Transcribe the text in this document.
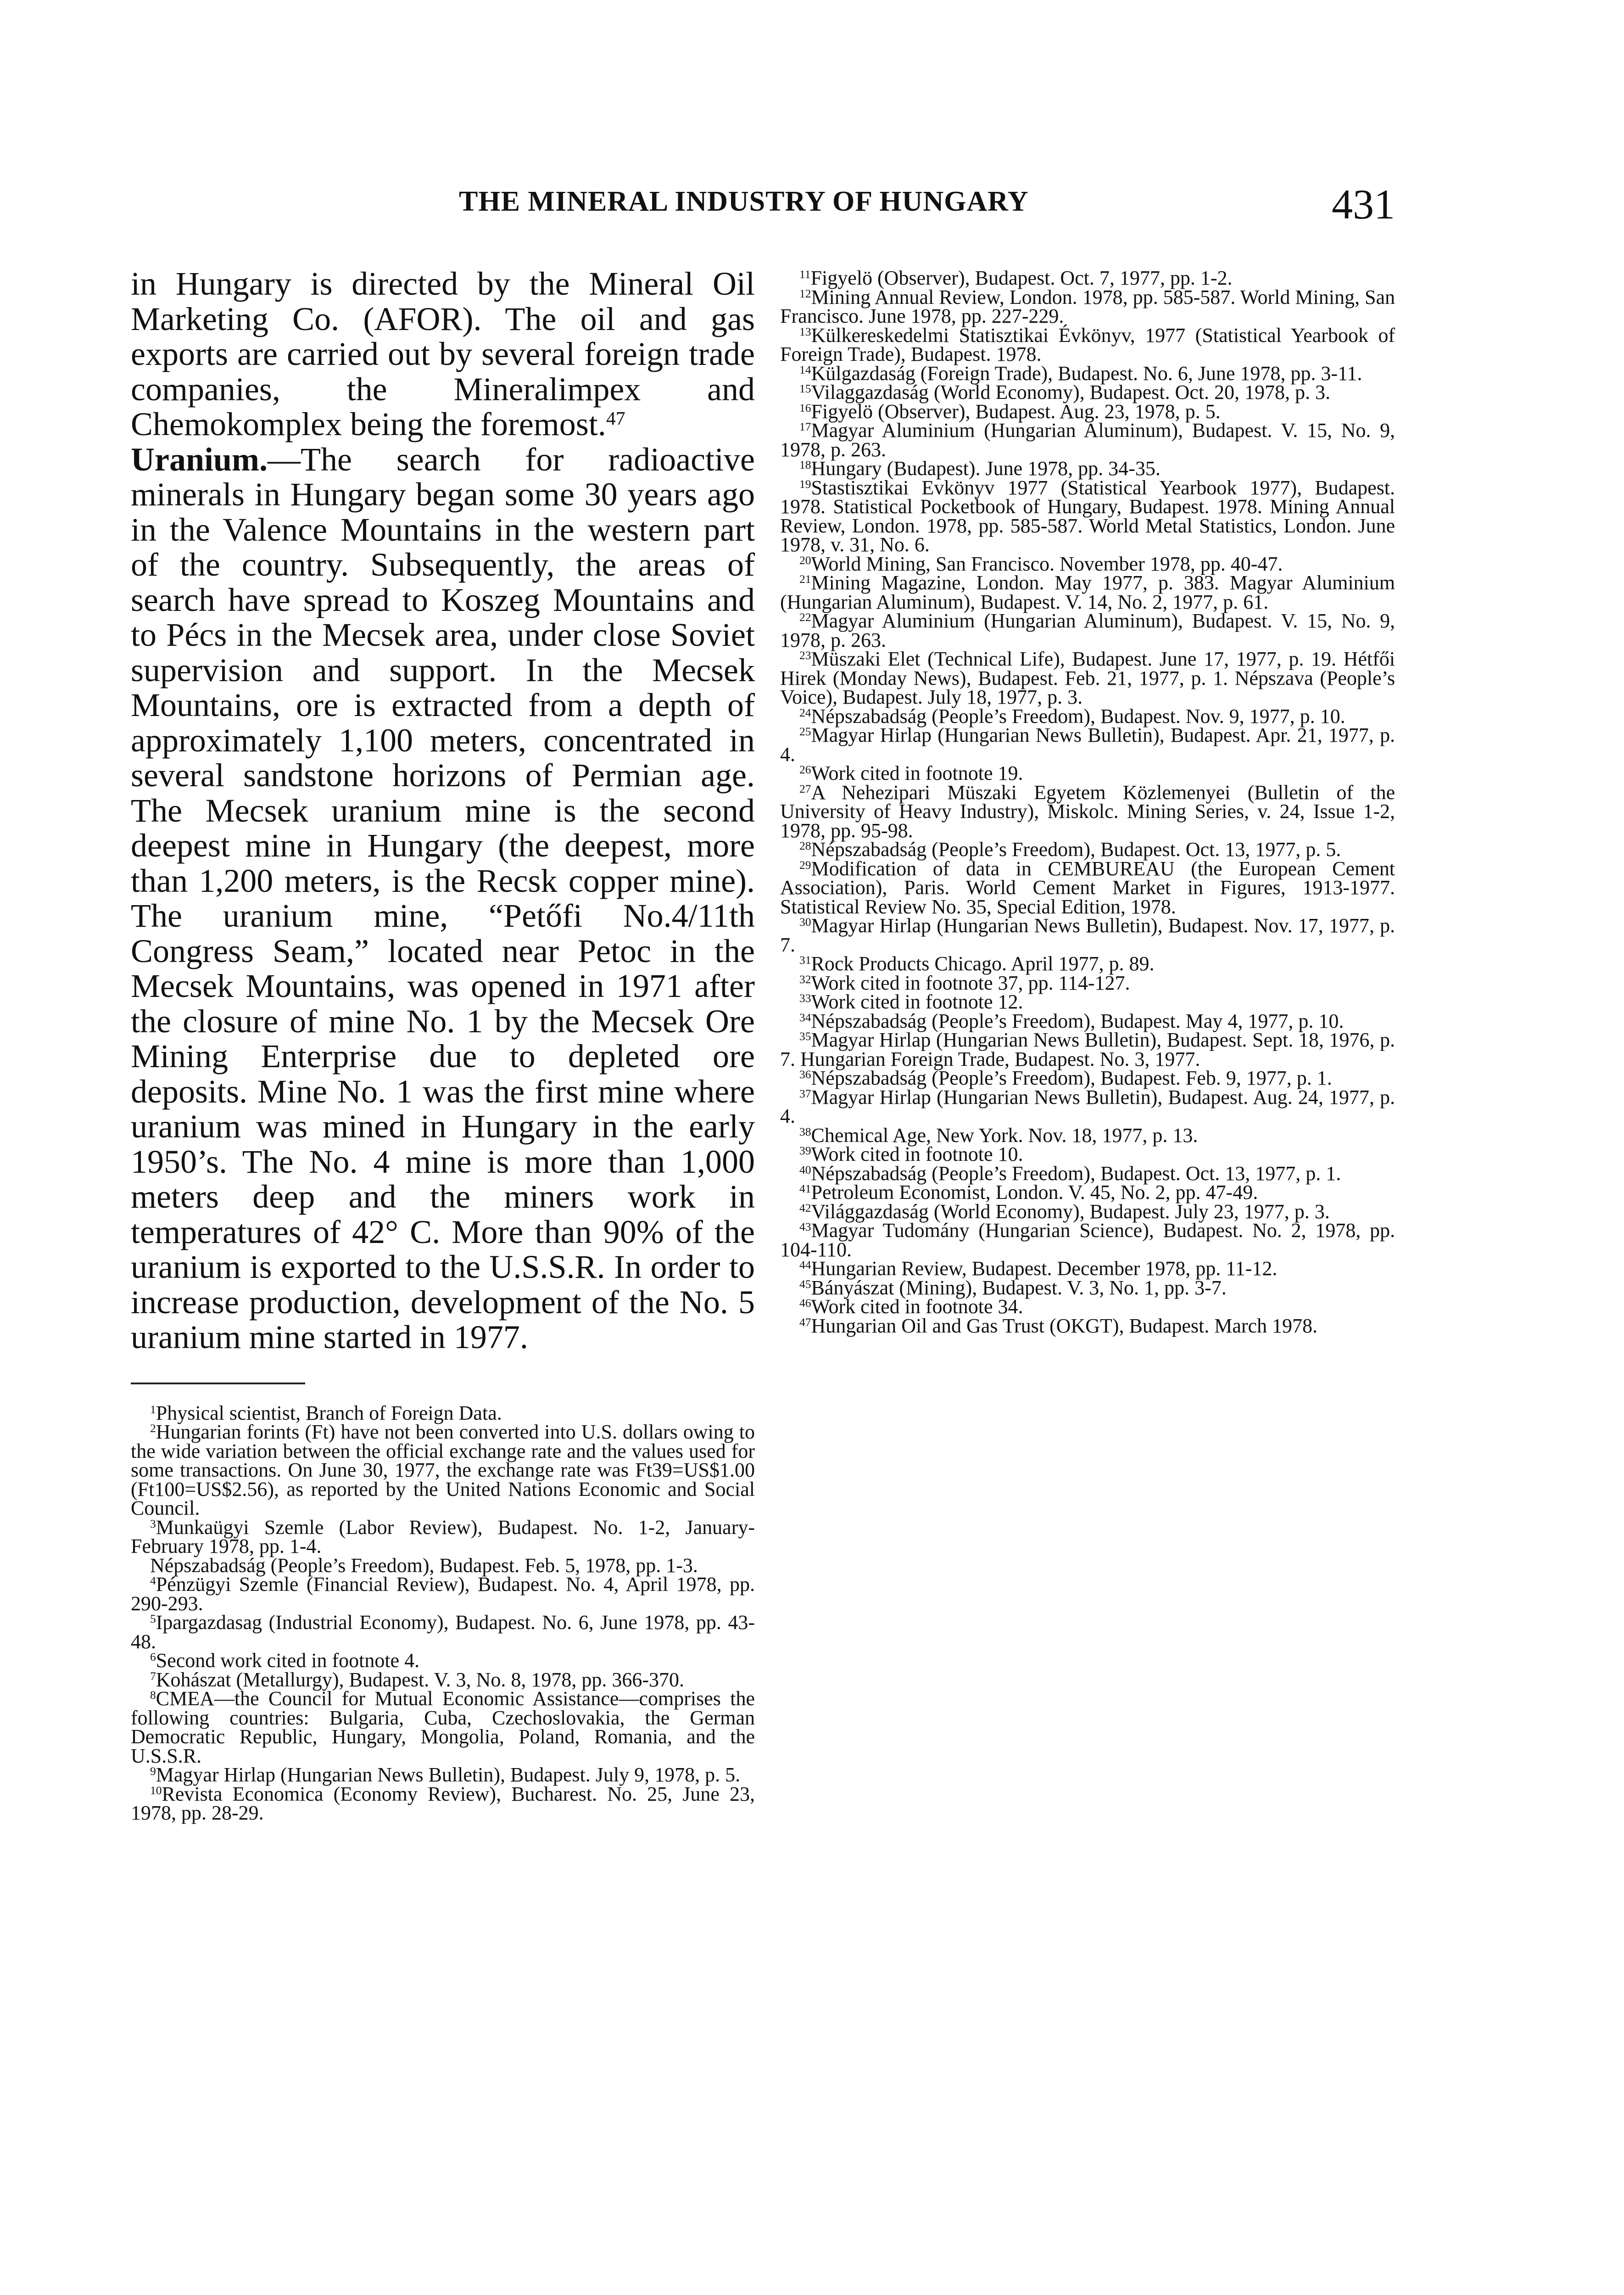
THE MINERAL INDUSTRY OF HUNGARY	431

in Hungary is directed by the Mineral Oil Marketing Co. (AFOR). The oil and gas exports are carried out by several foreign trade companies, the Mineralimpex and Chemokomplex being the foremost.$^{47}$

Uranium.—The search for radioactive minerals in Hungary began some 30 years ago in the Valence Mountains in the western part of the country. Subsequently, the areas of search have spread to Koszeg Mountains and to Pécs in the Mecsek area, under close Soviet supervision and support. In the Mecsek Mountains, ore is extracted from a depth of approximately 1,100 meters, concentrated in several sandstone horizons of Permian age. The Mecsek uranium mine is the second deepest mine in Hungary (the deepest, more than 1,200 meters, is the Recsk copper mine). The uranium mine, “Petőfi No.4/11th Congress Seam,” located near Petoc in the Mecsek Mountains, was opened in 1971 after the closure of mine No. 1 by the Mecsek Ore Mining Enterprise due to depleted ore deposits. Mine No. 1 was the first mine where uranium was mined in Hungary in the early 1950’s. The No. 4 mine is more than 1,000 meters deep and the miners work in temperatures of 42° C. More than 90% of the uranium is exported to the U.S.S.R. In order to increase production, development of the No. 5 uranium mine started in 1977.

$^1$Physical scientist, Branch of Foreign Data.
$^2$Hungarian forints (Ft) have not been converted into U.S. dollars owing to the wide variation between the official exchange rate and the values used for some transactions. On June 30, 1977, the exchange rate was Ft39=US$1.00 (Ft100=US$2.56), as reported by the United Nations Economic and Social Council.
$^3$Munkaügyi Szemle (Labor Review), Budapest. No. 1-2, January-February 1978, pp. 1-4.
Népszabadság (People’s Freedom), Budapest. Feb. 5, 1978, pp. 1-3.
$^4$Pénzügyi Szemle (Financial Review), Budapest. No. 4, April 1978, pp. 290-293.
$^5$Ipargazdasag (Industrial Economy), Budapest. No. 6, June 1978, pp. 43-48.
$^6$Second work cited in footnote 4.
$^7$Kohászat (Metallurgy), Budapest. V. 3, No. 8, 1978, pp. 366-370.
$^8$CMEA—the Council for Mutual Economic Assistance—comprises the following countries: Bulgaria, Cuba, Czechoslovakia, the German Democratic Republic, Hungary, Mongolia, Poland, Romania, and the U.S.S.R.
$^9$Magyar Hirlap (Hungarian News Bulletin), Budapest. July 9, 1978, p. 5.
$^{10}$Revista Economica (Economy Review), Bucharest. No. 25, June 23, 1978, pp. 28-29.
$^{11}$Figyelö (Observer), Budapest. Oct. 7, 1977, pp. 1-2.
$^{12}$Mining Annual Review, London. 1978, pp. 585-587. World Mining, San Francisco. June 1978, pp. 227-229.
$^{13}$Külkereskedelmi Statisztikai Évkönyv, 1977 (Statistical Yearbook of Foreign Trade), Budapest. 1978.
$^{14}$Külgazdaság (Foreign Trade), Budapest. No. 6, June 1978, pp. 3-11.
$^{15}$Vilaggazdaság (World Economy), Budapest. Oct. 20, 1978, p. 3.
$^{16}$Figyelö (Observer), Budapest. Aug. 23, 1978, p. 5.
$^{17}$Magyar Aluminium (Hungarian Aluminum), Budapest. V. 15, No. 9, 1978, p. 263.
$^{18}$Hungary (Budapest). June 1978, pp. 34-35.
$^{19}$Stastisztikai Evkönyv 1977 (Statistical Yearbook 1977), Budapest. 1978. Statistical Pocketbook of Hungary, Budapest. 1978. Mining Annual Review, London. 1978, pp. 585-587. World Metal Statistics, London. June 1978, v. 31, No. 6.
$^{20}$World Mining, San Francisco. November 1978, pp. 40-47.
$^{21}$Mining Magazine, London. May 1977, p. 383. Magyar Aluminium (Hungarian Aluminum), Budapest. V. 14, No. 2, 1977, p. 61.
$^{22}$Magyar Aluminium (Hungarian Aluminum), Budapest. V. 15, No. 9, 1978, p. 263.
$^{23}$Müszaki Elet (Technical Life), Budapest. June 17, 1977, p. 19. Hétfői Hirek (Monday News), Budapest. Feb. 21, 1977, p. 1. Népszava (People’s Voice), Budapest. July 18, 1977, p. 3.
$^{24}$Népszabadság (People’s Freedom), Budapest. Nov. 9, 1977, p. 10.
$^{25}$Magyar Hirlap (Hungarian News Bulletin), Budapest. Apr. 21, 1977, p. 4.
$^{26}$Work cited in footnote 19.
$^{27}$A Nehezipari Müszaki Egyetem Közlemenyei (Bulletin of the University of Heavy Industry), Miskolc. Mining Series, v. 24, Issue 1-2, 1978, pp. 95-98.
$^{28}$Népszabadság (People’s Freedom), Budapest. Oct. 13, 1977, p. 5.
$^{29}$Modification of data in CEMBUREAU (the European Cement Association), Paris. World Cement Market in Figures, 1913-1977. Statistical Review No. 35, Special Edition, 1978.
$^{30}$Magyar Hirlap (Hungarian News Bulletin), Budapest. Nov. 17, 1977, p. 7.
$^{31}$Rock Products Chicago. April 1977, p. 89.
$^{32}$Work cited in footnote 37, pp. 114-127.
$^{33}$Work cited in footnote 12.
$^{34}$Népszabadság (People’s Freedom), Budapest. May 4, 1977, p. 10.
$^{35}$Magyar Hirlap (Hungarian News Bulletin), Budapest. Sept. 18, 1976, p. 7. Hungarian Foreign Trade, Budapest. No. 3, 1977.
$^{36}$Népszabadság (People’s Freedom), Budapest. Feb. 9, 1977, p. 1.
$^{37}$Magyar Hirlap (Hungarian News Bulletin), Budapest. Aug. 24, 1977, p. 4.
$^{38}$Chemical Age, New York. Nov. 18, 1977, p. 13.
$^{39}$Work cited in footnote 10.
$^{40}$Népszabadság (People’s Freedom), Budapest. Oct. 13, 1977, p. 1.
$^{41}$Petroleum Economist, London. V. 45, No. 2, pp. 47-49.
$^{42}$Világgazdaság (World Economy), Budapest. July 23, 1977, p. 3.
$^{43}$Magyar Tudomány (Hungarian Science), Budapest. No. 2, 1978, pp. 104-110.
$^{44}$Hungarian Review, Budapest. December 1978, pp. 11-12.
$^{45}$Bányászat (Mining), Budapest. V. 3, No. 1, pp. 3-7.
$^{46}$Work cited in footnote 34.
$^{47}$Hungarian Oil and Gas Trust (OKGT), Budapest. March 1978.
